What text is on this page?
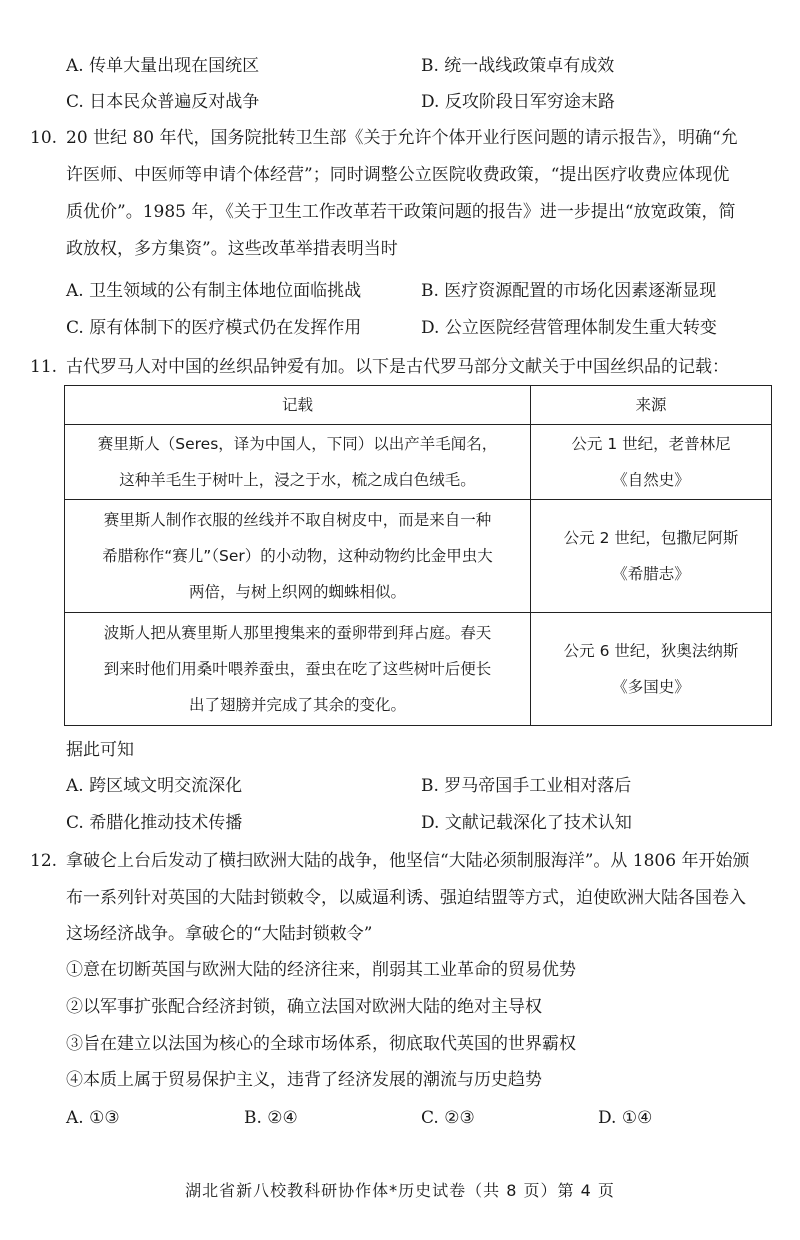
A. 传单大量出现在国统区	B. 统一战线政策卓有成效
C. 日本民众普遍反对战争	D. 反攻阶段日军穷途末路
10. 20 世纪 80 年代，国务院批转卫生部《关于允许个体开业行医问题的请示报告》，明确“允
许医师、中医师等申请个体经营”；同时调整公立医院收费政策，“提出医疗收费应体现优
质优价”。1985 年，《关于卫生工作改革若干政策问题的报告》进一步提出“放宽政策，简
政放权，多方集资”。这些改革举措表明当时
A. 卫生领域的公有制主体地位面临挑战	B. 医疗资源配置的市场化因素逐渐显现
C. 原有体制下的医疗模式仍在发挥作用	D. 公立医院经营管理体制发生重大转变
11. 古代罗马人对中国的丝织品钟爱有加。以下是古代罗马部分文献关于中国丝织品的记载：
记载	来源

赛里斯人（Seres，译为中国人，下同）以出产羊毛闻名，
这种羊毛生于树叶上，浸之于水，梳之成白色绒毛。	公元 1 世纪，老普林尼
《自然史》

赛里斯人制作衣服的丝线并不取自树皮中，而是来自一种
希腊称作“赛儿”（Ser）的小动物，这种动物约比金甲虫大
两倍，与树上织网的蜘蛛相似。	公元 2 世纪，包撒尼阿斯
《希腊志》

波斯人把从赛里斯人那里搜集来的蚕卵带到拜占庭。春天
到来时他们用桑叶喂养蚕虫，蚕虫在吃了这些树叶后便长
出了翅膀并完成了其余的变化。	公元 6 世纪，狄奥法纳斯
《多国史》
据此可知
A. 跨区域文明交流深化	B. 罗马帝国手工业相对落后
C. 希腊化推动技术传播	D. 文献记载深化了技术认知
12. 拿破仑上台后发动了横扫欧洲大陆的战争，他坚信“大陆必须制服海洋”。从 1806 年开始颁
布一系列针对英国的大陆封锁敕令，以威逼利诱、强迫结盟等方式，迫使欧洲大陆各国卷入
这场经济战争。拿破仑的“大陆封锁敕令”
①意在切断英国与欧洲大陆的经济往来，削弱其工业革命的贸易优势
②以军事扩张配合经济封锁，确立法国对欧洲大陆的绝对主导权
③旨在建立以法国为核心的全球市场体系，彻底取代英国的世界霸权
④本质上属于贸易保护主义，违背了经济发展的潮流与历史趋势
A. ①③	B. ②④	C. ②③	D. ①④
湖北省新八校教科研协作体*历史试卷（共 8 页）第 4 页
